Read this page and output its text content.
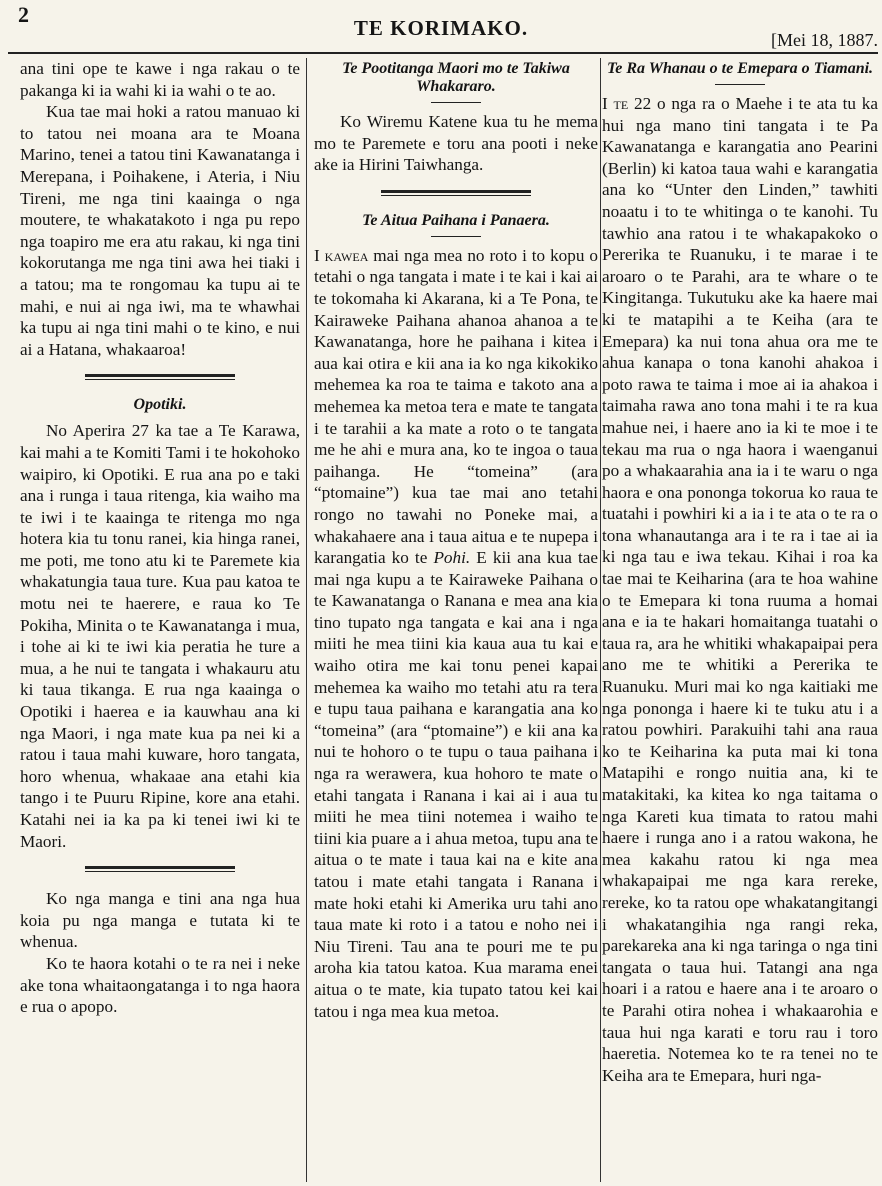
2
TE KORIMAKO.	[Mei 18, 1887.

ana tini ope te kawe i nga rakau o te pakanga ki ia wahi ki ia wahi o te ao.

Kua tae mai hoki a ratou manuao ki to tatou nei moana ara te Moana Marino, tenei a tatou tini Kawanatanga i Merepana, i Poihakene, i Ateria, i Niu Tireni, me nga tini kaainga o nga moutere, te whakatakoto i nga pu repo nga toapiro me era atu rakau, ki nga tini kokorutanga me nga tini awa hei tiaki i a tatou; ma te rongomau ka tupu ai te mahi, e nui ai nga iwi, ma te whawhai ka tupu ai nga tini mahi o te kino, e nui ai a Hatana, whakaaroa!

Opotiki.

No Aperira 27 ka tae a Te Karawa, kai mahi a te Komiti Tami i te hokohoko waipiro, ki Opotiki. E rua ana po e taki ana i runga i taua ritenga, kia waiho ma te iwi i te kaainga te ritenga mo nga hotera kia tu tonu ranei, kia hinga ranei, me poti, me tono atu ki te Paremete kia whakatungia taua ture. Kua pau katoa te motu nei te haerere, e raua ko Te Pokiha, Minita o te Kawanatanga i mua, i tohe ai ki te iwi kia peratia he ture a mua, a he nui te tangata i whakauru atu ki taua tikanga. E rua nga kaainga o Opotiki i haerea e ia kauwhau ana ki nga Maori, i nga mate kua pa nei ki a ratou i taua mahi kuware, horo tangata, horo whenua, whakaae ana etahi kia tango i te Puuru Ripine, kore ana etahi. Katahi nei ia ka pa ki tenei iwi ki te Maori.

Ko nga manga e tini ana nga hua koia pu nga manga e tutata ki te whenua.

Ko te haora kotahi o te ra nei i neke ake tona whaitaongatanga i to nga haora e rua o apopo.

Te Pootitanga Maori mo te Takiwa Whakararo.

Ko Wiremu Katene kua tu he mema mo te Paremete e toru ana pooti i neke ake ia Hirini Taiwhanga.

Te Aitua Paihana i Panaera.

I kawea mai nga mea no roto i to kopu o tetahi o nga tangata i mate i te kai i kai ai te tokomaha ki Akarana, ki a Te Pona, te Kairaweke Paihana ahanoa ahanoa a te Kawanatanga, hore he paihana i kitea i aua kai otira e kii ana ia ko nga kikokiko mehemea ka roa te taima e takoto ana a mehemea ka metoa tera e mate te tangata i te tarahii a ka mate a roto o te tangata me he ahi e mura ana, ko te ingoa o taua paihanga. He “tomeina” (ara “ptomaine”) kua tae mai ano tetahi rongo no tawahi no Poneke mai, a whakahaere ana i taua aitua e te nupepa i karangatia ko te Pohi. E kii ana kua tae mai nga kupu a te Kairaweke Paihana o te Kawanatanga o Ranana e mea ana kia tino tupato nga tangata e kai ana i nga miiti he mea tiini kia kaua aua tu kai e waiho otira me kai tonu penei kapai mehemea ka waiho mo tetahi atu ra tera e tupu taua paihana e karangatia ana ko “tomeina” (ara “ptomaine”) e kii ana ka nui te hohoro o te tupu o taua paihana i nga ra werawera, kua hohoro te mate o etahi tangata i Ranana i kai ai i aua tu miiti he mea tiini notemea i waiho te tiini kia puare a i ahua metoa, tupu ana te aitua o te mate i taua kai na e kite ana tatou i mate etahi tangata i Ranana i mate hoki etahi ki Amerika uru tahi ano taua mate ki roto i a tatou e noho nei i Niu Tireni. Tau ana te pouri me te pu aroha kia tatou katoa. Kua marama enei aitua o te mate, kia tupato tatou kei kai tatou i nga mea kua metoa.

Te Ra Whanau o te Emepara o Tiamani.

I te 22 o nga ra o Maehe i te ata tu ka hui nga mano tini tangata i te Pa Kawanatanga e karangatia ano Pearini (Berlin) ki katoa taua wahi e karangatia ana ko “Unter den Linden,” tawhiti noaatu i to te whitinga o te kanohi. Tu tawhio ana ratou i te whakapakoko o Pererika te Ruanuku, i te marae i te aroaro o te Parahi, ara te whare o te Kingitanga. Tukutuku ake ka haere mai ki te matapihi a te Keiha (ara te Emepara) ka nui tona ahua ora me te ahua kanapa o tona kanohi ahakoa i poto rawa te taima i moe ai ia ahakoa i taimaha rawa ano tona mahi i te ra kua mahue nei, i haere ano ia ki te moe i te tekau ma rua o nga haora i waenganui po a whakaarahia ana ia i te waru o nga haora e ona pononga tokorua ko raua te tuatahi i powhiri ki a ia i te ata o te ra o tona whanautanga ara i te ra i tae ai ia ki nga tau e iwa tekau. Kihai i roa ka tae mai te Keiharina (ara te hoa wahine o te Emepara ki tona ruuma a homai ana e ia te hakari homaitanga tuatahi o taua ra, ara he whitiki whakapaipai pera ano me te whitiki a Pererika te Ruanuku. Muri mai ko nga kaitiaki me nga pononga i haere ki te tuku atu i a ratou powhiri. Parakuihi tahi ana raua ko te Keiharina ka puta mai ki tona Matapihi e rongo nuitia ana, ki te matakitaki, ka kitea ko nga taitama o nga Kareti kua timata to ratou mahi haere i runga ano i a ratou wakona, he mea kakahu ratou ki nga mea whakapaipai me nga kara rereke, rereke, ko ta ratou ope whakatangitangi i whakatangihia nga rangi reka, parekareka ana ki nga taringa o nga tini tangata o taua hui. Tatangi ana nga hoari i a ratou e haere ana i te aroaro o te Parahi otira nohea i whakaarohia e taua hui nga karati e toru rau i toro haeretia. Notemea ko te ra tenei no te Keiha ara te Emepara, huri nga-
